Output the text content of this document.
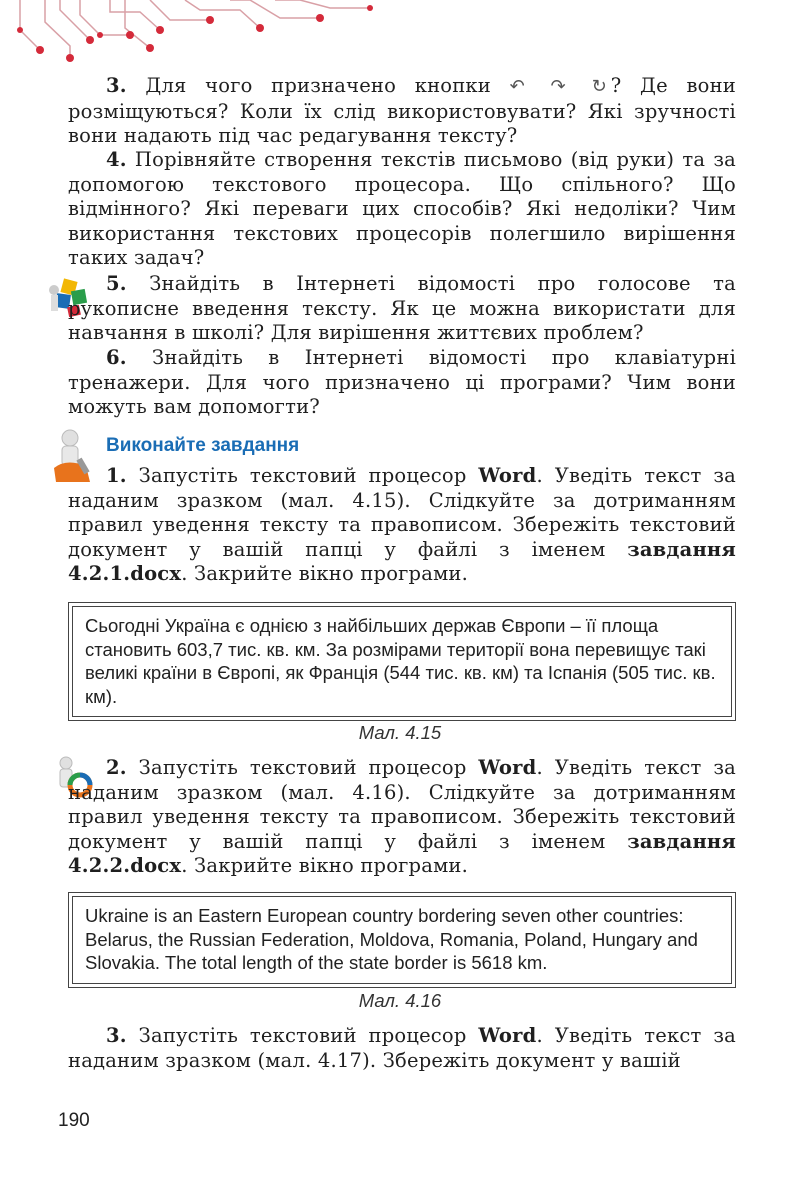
3. Для чого призначено кнопки ↶ ↷ ↻? Де вони розміщуються? Коли їх слід використовувати? Які зручності вони надають під час редагування тексту?
4. Порівняйте створення текстів письмово (від руки) та за допомогою текстового процесора. Що спільного? Що відмінного? Які переваги цих способів? Які недоліки? Чим використання текстових процесорів полегшило вирішення таких задач?
5. Знайдіть в Інтернеті відомості про голосове та рукописне введення тексту. Як це можна використати для навчання в школі? Для вирішення життєвих проблем?
6. Знайдіть в Інтернеті відомості про клавіатурні тренажери. Для чого призначено ці програми? Чим вони можуть вам допомогти?
Виконайте завдання
1. Запустіть текстовий процесор Word. Уведіть текст за наданим зразком (мал. 4.15). Слідкуйте за дотриманням правил уведення тексту та правописом. Збережіть текстовий документ у вашій папці у файлі з іменем завдання 4.2.1.docx. Закрийте вікно програми.
Сьогодні Україна є однією з найбільших держав Європи – її площа становить 603,7 тис. кв. км. За розмірами території вона перевищує такі великі країни в Європі, як Франція (544 тис. кв. км) та Іспанія (505 тис. кв. км).
Мал. 4.15
2. Запустіть текстовий процесор Word. Уведіть текст за наданим зразком (мал. 4.16). Слідкуйте за дотриманням правил уведення тексту та правописом. Збережіть текстовий документ у вашій папці у файлі з іменем завдання 4.2.2.docx. Закрийте вікно програми.
Ukraine is an Eastern European country bordering seven other countries: Belarus, the Russian Federation, Moldova, Romania, Poland, Hungary and Slovakia. The total length of the state border is 5618 km.
Мал. 4.16
3. Запустіть текстовий процесор Word. Уведіть текст за наданим зразком (мал. 4.17). Збережіть документ у вашій
190
